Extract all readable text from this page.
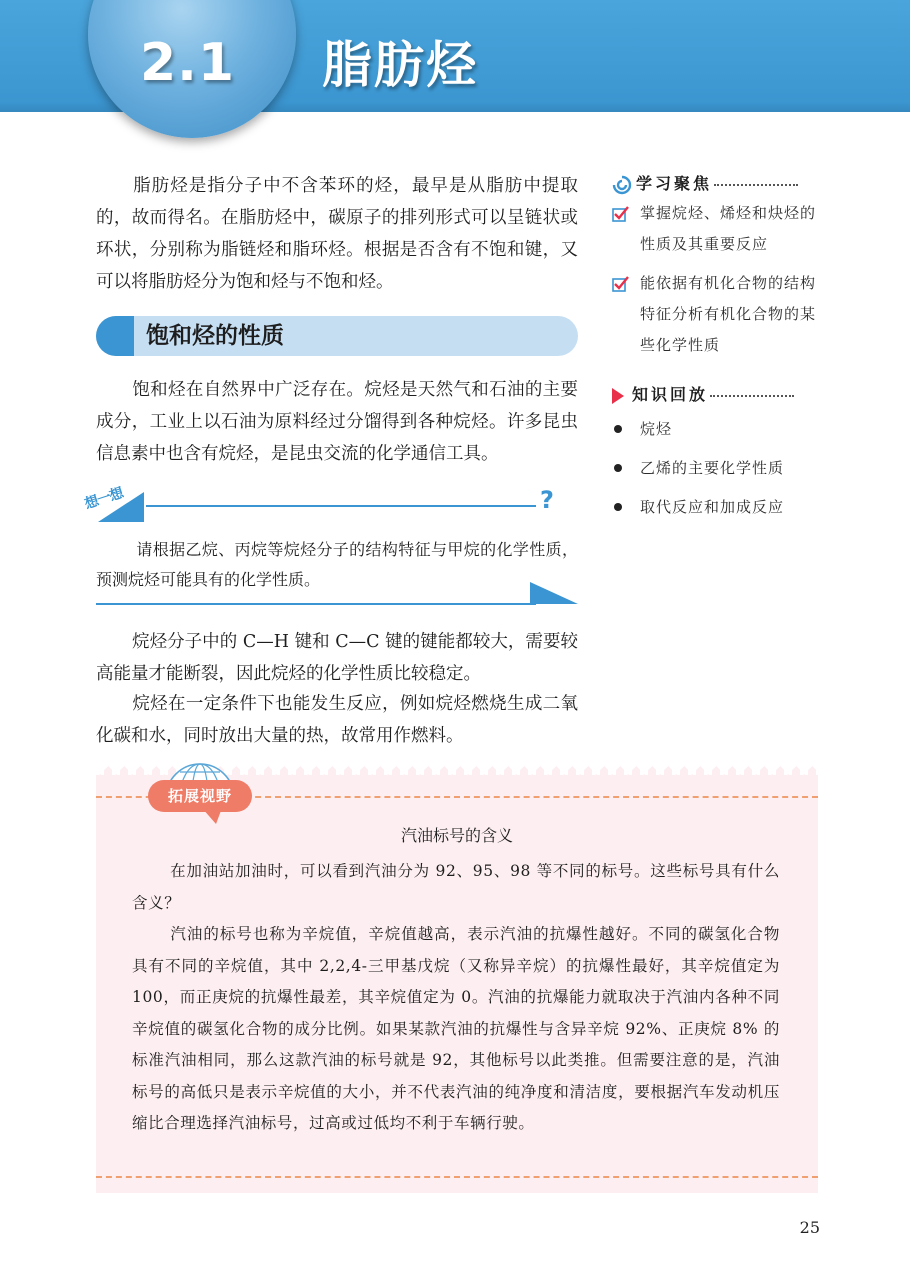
2.1 脂肪烃

脂肪烃是指分子中不含苯环的烃，最早是从脂肪中提取的，故而得名。在脂肪烃中，碳原子的排列形式可以呈链状或环状，分别称为脂链烃和脂环烃。根据是否含有不饱和键，又可以将脂肪烃分为饱和烃与不饱和烃。

饱和烃的性质

饱和烃在自然界中广泛存在。烷烃是天然气和石油的主要成分，工业上以石油为原料经过分馏得到各种烷烃。许多昆虫信息素中也含有烷烃，是昆虫交流的化学通信工具。

想一想	?

请根据乙烷、丙烷等烷烃分子的结构特征与甲烷的化学性质，预测烷烃可能具有的化学性质。

烷烃分子中的 C—H 键和 C—C 键的键能都较大，需要较高能量才能断裂，因此烷烃的化学性质比较稳定。

烷烃在一定条件下也能发生反应，例如烷烃燃烧生成二氧化碳和水，同时放出大量的热，故常用作燃料。

学习聚焦
掌握烷烃、烯烃和炔烃的性质及其重要反应
能依据有机化合物的结构特征分析有机化合物的某些化学性质
知识回放
烷烃
乙烯的主要化学性质
取代反应和加成反应
拓展视野
汽油标号的含义

在加油站加油时，可以看到汽油分为 92、95、98 等不同的标号。这些标号具有什么含义？

汽油的标号也称为辛烷值，辛烷值越高，表示汽油的抗爆性越好。不同的碳氢化合物具有不同的辛烷值，其中 2,2,4-三甲基戊烷（又称异辛烷）的抗爆性最好，其辛烷值定为 100，而正庚烷的抗爆性最差，其辛烷值定为 0。汽油的抗爆能力就取决于汽油内各种不同辛烷值的碳氢化合物的成分比例。如果某款汽油的抗爆性与含异辛烷 92%、正庚烷 8% 的标准汽油相同，那么这款汽油的标号就是 92，其他标号以此类推。但需要注意的是，汽油标号的高低只是表示辛烷值的大小，并不代表汽油的纯净度和清洁度，要根据汽车发动机压缩比合理选择汽油标号，过高或过低均不利于车辆行驶。

25
